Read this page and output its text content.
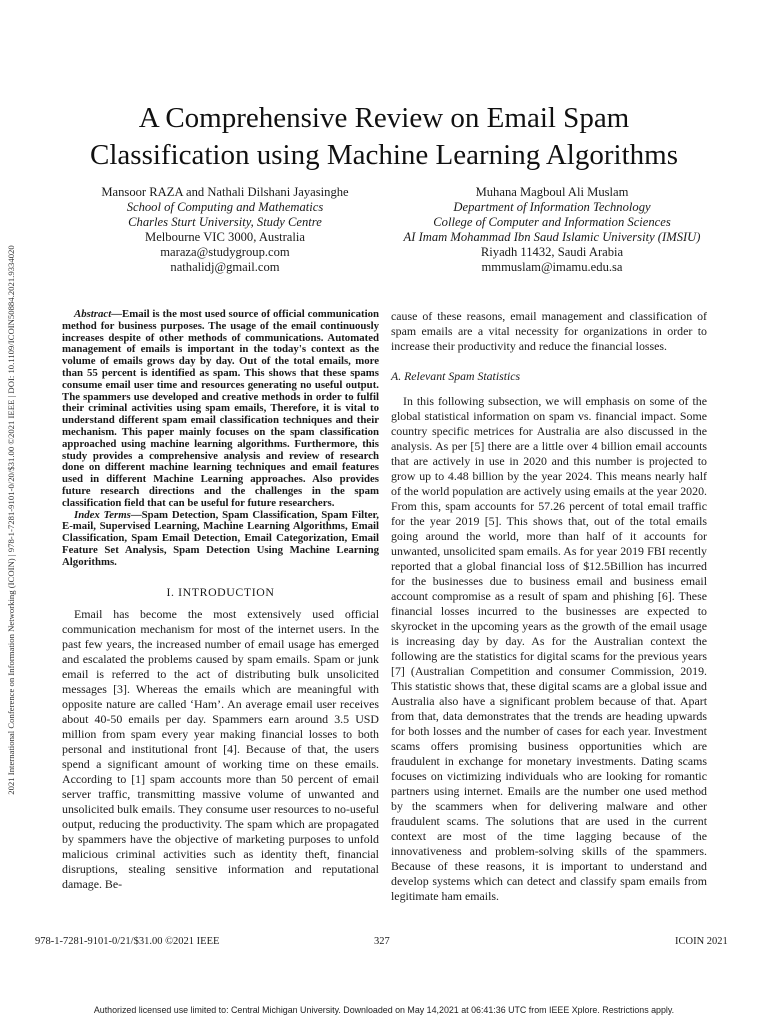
2021 International Conference on Information Networking (ICOIN) | 978-1-7281-9101-0/20/$31.00 ©2021 IEEE | DOI: 10.1109/ICOIN50884.2021.9334020
A Comprehensive Review on Email Spam
Classification using Machine Learning Algorithms
Mansoor RAZA and Nathali Dilshani Jayasinghe
School of Computing and Mathematics
Charles Sturt University, Study Centre
Melbourne VIC 3000, Australia
maraza@studygroup.com
nathalidj@gmail.com
Muhana Magboul Ali Muslam
Department of Information Technology
College of Computer and Information Sciences
AI Imam Mohammad Ibn Saud Islamic University (IMSIU)
Riyadh 11432, Saudi Arabia
mmmuslam@imamu.edu.sa

Abstract—Email is the most used source of official communication method for business purposes. The usage of the email continuously increases despite of other methods of communications. Automated management of emails is important in the today's context as the volume of emails grows day by day. Out of the total emails, more than 55 percent is identified as spam. This shows that these spams consume email user time and resources generating no useful output. The spammers use developed and creative methods in order to fulfil their criminal activities using spam emails, Therefore, it is vital to understand different spam email classification techniques and their mechanism. This paper mainly focuses on the spam classification approached using machine learning algorithms. Furthermore, this study provides a comprehensive analysis and review of research done on different machine learning techniques and email features used in different Machine Learning approaches. Also provides future research directions and the challenges in the spam classification field that can be useful for future researchers.

Index Terms—Spam Detection, Spam Classification, Spam Filter, E-mail, Supervised Learning, Machine Learning Algorithms, Email Classification, Spam Email Detection, Email Categorization, Email Feature Set Analysis, Spam Detection Using Machine Learning Algorithms.

I. INTRODUCTION

Email has become the most extensively used official communication mechanism for most of the internet users. In the past few years, the increased number of email usage has emerged and escalated the problems caused by spam emails. Spam or junk email is referred to the act of distributing bulk unsolicited messages [3]. Whereas the emails which are meaningful with opposite nature are called ‘Ham’. An average email user receives about 40-50 emails per day. Spammers earn around 3.5 USD million from spam every year making financial losses to both personal and institutional front [4]. Because of that, the users spend a significant amount of working time on these emails. According to [1] spam accounts more than 50 percent of email server traffic, transmitting massive volume of unwanted and unsolicited bulk emails. They consume user resources to no-useful output, reducing the productivity. The spam which are propagated by spammers have the objective of marketing purposes to unfold malicious criminal activities such as identity theft, financial disruptions, stealing sensitive information and reputational damage. Be-

cause of these reasons, email management and classification of spam emails are a vital necessity for organizations in order to increase their productivity and reduce the financial losses.

A. Relevant Spam Statistics

In this following subsection, we will emphasis on some of the global statistical information on spam vs. financial impact. Some country specific metrices for Australia are also discussed in the analysis. As per [5] there are a little over 4 billion email accounts that are actively in use in 2020 and this number is projected to grow up to 4.48 billion by the year 2024. This means nearly half of the world population are actively using emails at the year 2020. From this, spam accounts for 57.26 percent of total email traffic for the year 2019 [5]. This shows that, out of the total emails going around the world, more than half of it accounts for unwanted, unsolicited spam emails. As for year 2019 FBI recently reported that a global financial loss of $12.5Billion has incurred for the businesses due to business email and business email account compromise as a result of spam and phishing [6]. These financial losses incurred to the businesses are expected to skyrocket in the upcoming years as the growth of the email usage is increasing day by day. As for the Australian context the following are the statistics for digital scams for the previous years [7] (Australian Competition and consumer Commission, 2019. This statistic shows that, these digital scams are a global issue and Australia also have a significant problem because of that. Apart from that, data demonstrates that the trends are heading upwards for both losses and the number of cases for each year. Investment scams offers promising business opportunities which are fraudulent in exchange for monetary investments. Dating scams focuses on victimizing individuals who are looking for romantic partners using internet. Emails are the number one used method by the scammers when for delivering malware and other fraudulent scams. The solutions that are used in the current context are most of the time lagging because of the innovativeness and problem-solving skills of the spammers. Because of these reasons, it is important to understand and develop systems which can detect and classify spam emails from legitimate ham emails.

978-1-7281-9101-0/21/$31.00 ©2021 IEEE	327	ICOIN 2021
Authorized licensed use limited to: Central Michigan University. Downloaded on May 14,2021 at 06:41:36 UTC from IEEE Xplore. Restrictions apply.
